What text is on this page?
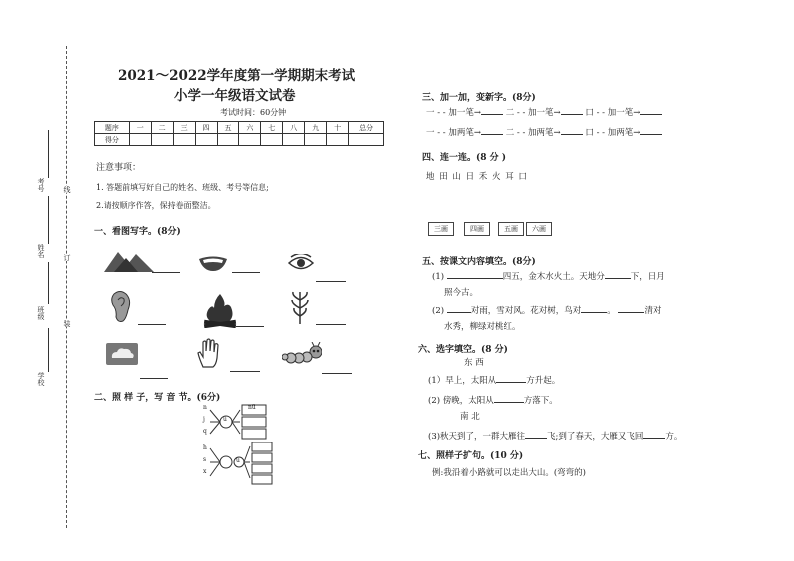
线
订
装
考号
姓名
班级
学校
2021～2022学年度第一学期期末考试
小学一年级语文试卷
考试时间：60分钟
题序	一	二	三	四	五	六	七	八	九	十	总分
得分											
注意事项：
1. 答题前填写好自己的姓名、班级、考号等信息;
2.请按顺序作答，保持卷面整洁。
一、看图写字。(8分)
二、照 样 子，写 音 节。(6分)
n
j
q
ü
nü
h
s
x
ū
三、加一加，变新字。(8分)
一 - - 加一笔→	二 - - 加一笔→	口 - - 加一笔→
一 - - 加两笔→	二 - - 加两笔→	口 - - 加两笔→
四、连一连。(8 分 )
地 田 山 日 禾 火 耳 口
三画	四画	五画	六画
五、按课文内容填空。(8分)
(1)	四五，金木水火土。天地分	下，日月
照今古。
(2)	对雨，雪对风。花对树，鸟对	。	清对
水秀，柳绿对桃红。
六、选字填空。(8 分)
东 西
(1）早上，太阳从	方升起。
(2) 傍晚，太阳从	方落下。
南 北
(3)秋天到了，一群大雁往	飞;到了春天，大雁又飞回	方。
七、照样子扩句。(10 分)
例:我沿着小路就可以走出大山。(弯弯的)
